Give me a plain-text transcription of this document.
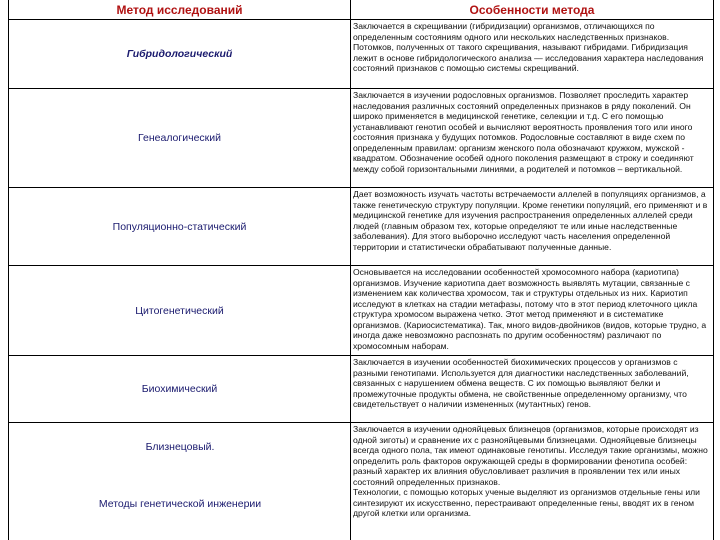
Метод исследований	Особенности метода
Гибридологический
Заключается в скрещивании (гибридизации) организмов, отличающихся по определенным состояниям одного или нескольких наследственных признаков. Потомков, полученных от такого скрещивания, называют гибридами. Гибридизация лежит в основе гибридологического анализа — исследования характера наследования состояний признаков с помощью системы скрещиваний.
Генеалогический
Заключается в изучении родословных организмов. Позволяет проследить характер наследования различных состояний определенных признаков в ряду поколений. Он широко применяется в медицинской генетике, селекции и т.д. С его помощью устанавливают генотип особей и вычисляют вероятность проявления того или иного состояния признака у будущих потомков. Родословные составляют в виде схем по определенным правилам: организм женского пола обозначают кружком, мужской - квадратом. Обозначение особей одного поколения размещают в строку и соединяют между собой горизонтальными линиями, а родителей и потомков – вертикальной.
Популяционно-статический
Дает возможность изучать частоты встречаемости аллелей в популяциях организмов, а также генетическую структуру популяции. Кроме генетики популяций, его применяют и в медицинской генетике для изучения распространения определенных аллелей среди людей (главным образом тех, которые определяют те или иные наследственные заболевания). Для этого выборочно исследуют часть населения определенной территории и статистически обрабатывают полученные данные.
Цитогенетический
Основывается на исследовании особенностей хромосомного набора (кариотипа) организмов. Изучение кариотипа дает возможность выявлять мутации, связанные с изменением как количества хромосом, так и структуры отдельных из них. Кариотип исследуют в клетках на стадии метафазы, потому что в этот период клеточного цикла структура хромосом выражена четко. Этот метод применяют и в систематике организмов. (Кариосистематика). Так, много видов-двойников (видов, которые трудно, а иногда даже невозможно распознать по другим особенностям) различают по хромосомным наборам.
Биохимический
Заключается в изучении особенностей биохимических процессов у организмов с разными генотипами. Используется для диагностики наследственных заболеваний, связанных с нарушением обмена веществ. С их помощью выявляют белки и промежуточные продукты обмена, не свойственные определенному организму, что свидетельствует о наличии измененных (мутантных) генов.
Близнецовый.
Методы генетической инженерии
Заключается в изучении однояйцевых близнецов (организмов, которые происходят из одной зиготы) и сравнение их с разнояйцевыми близнецами. Однояйцевые близнецы всегда одного пола, так имеют одинаковые генотипы. Исследуя такие организмы, можно определить роль факторов окружающей среды в формировании фенотипа особей: разный характер их влияния обусловливает различия в проявлении тех или иных состояний определенных признаков.
Технологии, с помощью которых ученые выделяют из организмов отдельные гены или синтезируют их искусственно, перестраивают определенные гены, вводят их в геном другой клетки или организма.
